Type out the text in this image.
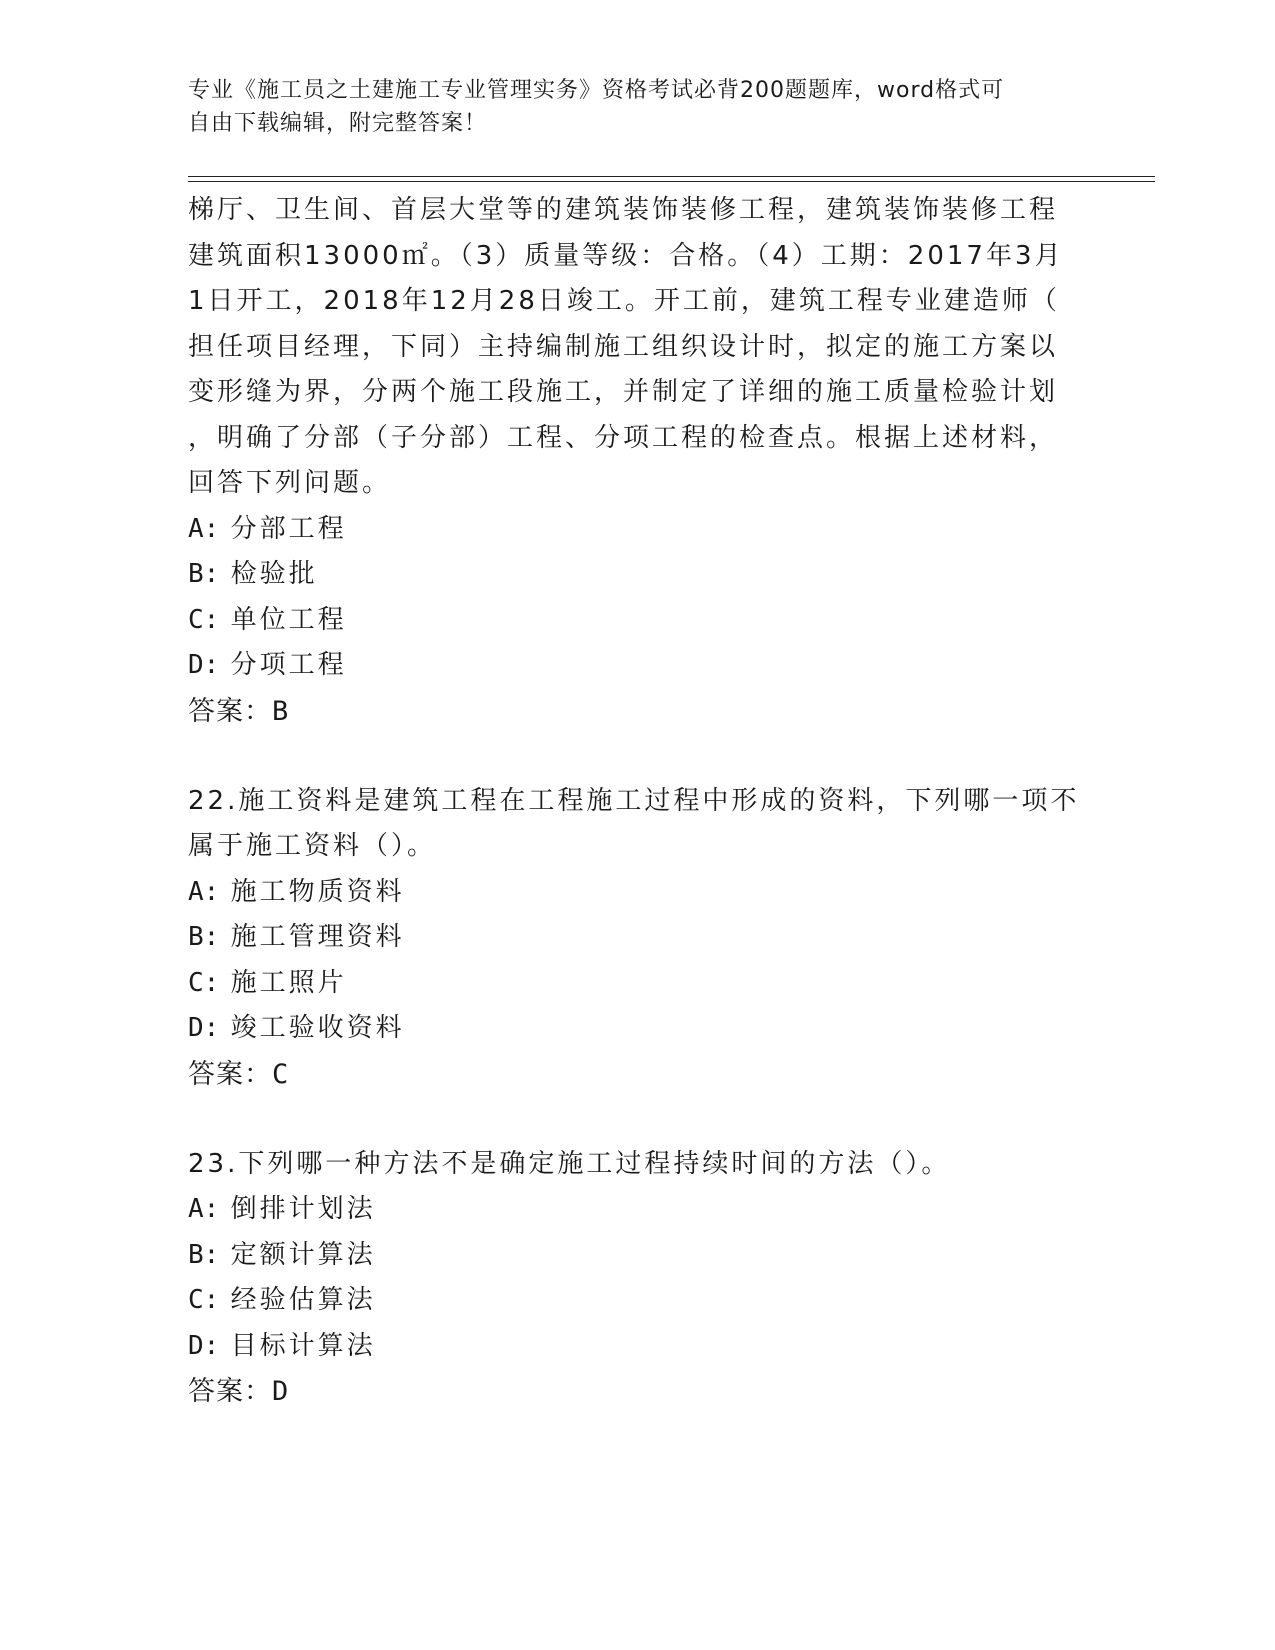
专业《施工员之土建施工专业管理实务》资格考试必背200题题库，word格式可
自由下载编辑，附完整答案！
梯厅、卫生间、首层大堂等的建筑装饰装修工程，建筑装饰装修工程
建筑面积13000㎡。（3）质量等级：合格。（4）工期：2017年3月
1日开工，2018年12月28日竣工。开工前，建筑工程专业建造师（
担任项目经理，下同）主持编制施工组织设计时，拟定的施工方案以
变形缝为界，分两个施工段施工，并制定了详细的施工质量检验计划
，明确了分部（子分部）工程、分项工程的检查点。根据上述材料，
回答下列问题。
A: 分部工程
B: 检验批
C: 单位工程
D: 分项工程
答案：B
22.施工资料是建筑工程在工程施工过程中形成的资料，下列哪一项不
属于施工资料（）。
A: 施工物质资料
B: 施工管理资料
C: 施工照片
D: 竣工验收资料
答案：C
23.下列哪一种方法不是确定施工过程持续时间的方法（）。
A: 倒排计划法
B: 定额计算法
C: 经验估算法
D: 目标计算法
答案：D
